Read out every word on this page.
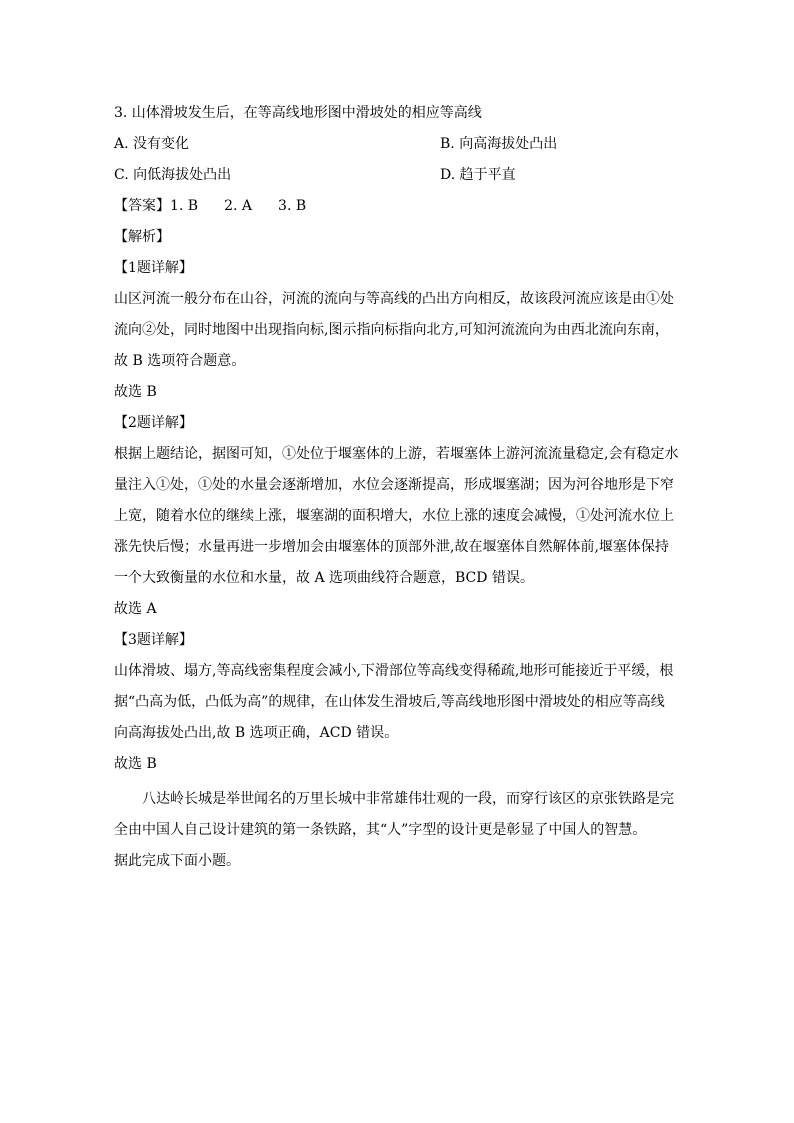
3. 山体滑坡发生后，在等高线地形图中滑坡处的相应等高线
A. 没有变化	B. 向高海拔处凸出
C. 向低海拔处凸出	D. 趋于平直
【答案】1. B 2. A 3. B
【解析】
【1题详解】
山区河流一般分布在山谷，河流的流向与等高线的凸出方向相反，故该段河流应该是由①处
流向②处，同时地图中出现指向标,图示指向标指向北方,可知河流流向为由西北流向东南，
故 B 选项符合题意。
故选 B
【2题详解】
根据上题结论，据图可知，①处位于堰塞体的上游，若堰塞体上游河流流量稳定,会有稳定水
量注入①处，①处的水量会逐渐增加，水位会逐渐提高，形成堰塞湖；因为河谷地形是下窄
上宽，随着水位的继续上涨，堰塞湖的面积增大，水位上涨的速度会减慢，①处河流水位上
涨先快后慢；水量再进一步增加会由堰塞体的顶部外泄,故在堰塞体自然解体前,堰塞体保持
一个大致衡量的水位和水量，故 A 选项曲线符合题意，BCD 错误。
故选 A
【3题详解】
山体滑坡、塌方,等高线密集程度会减小,下滑部位等高线变得稀疏,地形可能接近于平缓，根
据“凸高为低，凸低为高”的规律，在山体发生滑坡后,等高线地形图中滑坡处的相应等高线
向高海拔处凸出,故 B 选项正确，ACD 错误。
故选 B
八达岭长城是举世闻名的万里长城中非常雄伟壮观的一段，而穿行该区的京张铁路是完
全由中国人自己设计建筑的第一条铁路，其“人”字型的设计更是彰显了中国人的智慧。
据此完成下面小题。
